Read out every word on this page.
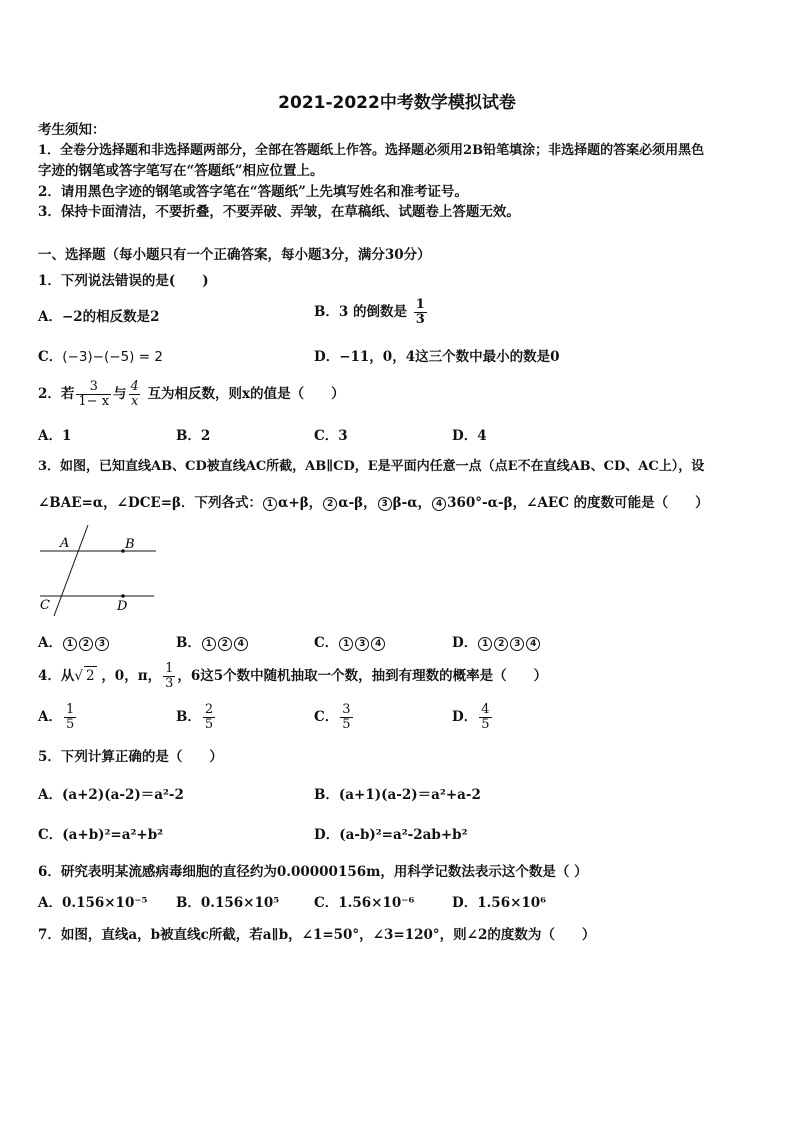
2021-2022中考数学模拟试卷
考生须知：
1．全卷分选择题和非选择题两部分，全部在答题纸上作答。选择题必须用2B铅笔填涂；非选择题的答案必须用黑色
字迹的钢笔或答字笔写在“答题纸”相应位置上。
2．请用黑色字迹的钢笔或答字笔在“答题纸”上先填写姓名和准考证号。
3．保持卡面清洁，不要折叠，不要弄破、弄皱，在草稿纸、试题卷上答题无效。
一、选择题（每小题只有一个正确答案，每小题3分，满分30分）
1．下列说法错误的是(　　)
A．−2的相反数是2	B．3 的倒数是 $\frac{1}{3}$
C．(−3)−(−5) = 2	D．−11，0，4这三个数中最小的数是0
2．若 $\frac{3}{1- x}$ 与 $\frac{4}{x}$ 互为相反数，则x的值是（　　）
A．1	B．2	C．3	D．4
3．如图，已知直线AB、CD被直线AC所截，AB∥CD，E是平面内任意一点（点E不在直线AB、CD、AC上），设
∠BAE=α，∠DCE=β．下列各式： 1 α+β， 2 α-β， 3 β-α， 4 360°-α-β，∠AEC 的度数可能是（　　）
A	B
C	D
A． 1 2 3	B． 1 2 4	C． 1 3 4	D． 1 2 3 4
4．从√ 2 ，0，π， $\frac{1}{3}$ ，6这5个数中随机抽取一个数，抽到有理数的概率是（　　）
A． $\frac{1}{5}$	B． $\frac{2}{5}$	C． $\frac{3}{5}$	D． $\frac{4}{5}$
5．下列计算正确的是（　　）
A．(a+2)(a-2)＝a²-2	B．(a+1)(a-2)＝a²+a-2
C．(a+b)²=a²+b²	D．(a-b)²=a²-2ab+b²
6．研究表明某流感病毒细胞的直径约为0.00000156m，用科学记数法表示这个数是（ ）
A．0.156×10⁻⁵ B．0.156×10⁵	C．1.56×10⁻⁶	D．1.56×10⁶
7．如图，直线a，b被直线c所截，若a∥b，∠1=50°，∠3=120°，则∠2的度数为（　　）
